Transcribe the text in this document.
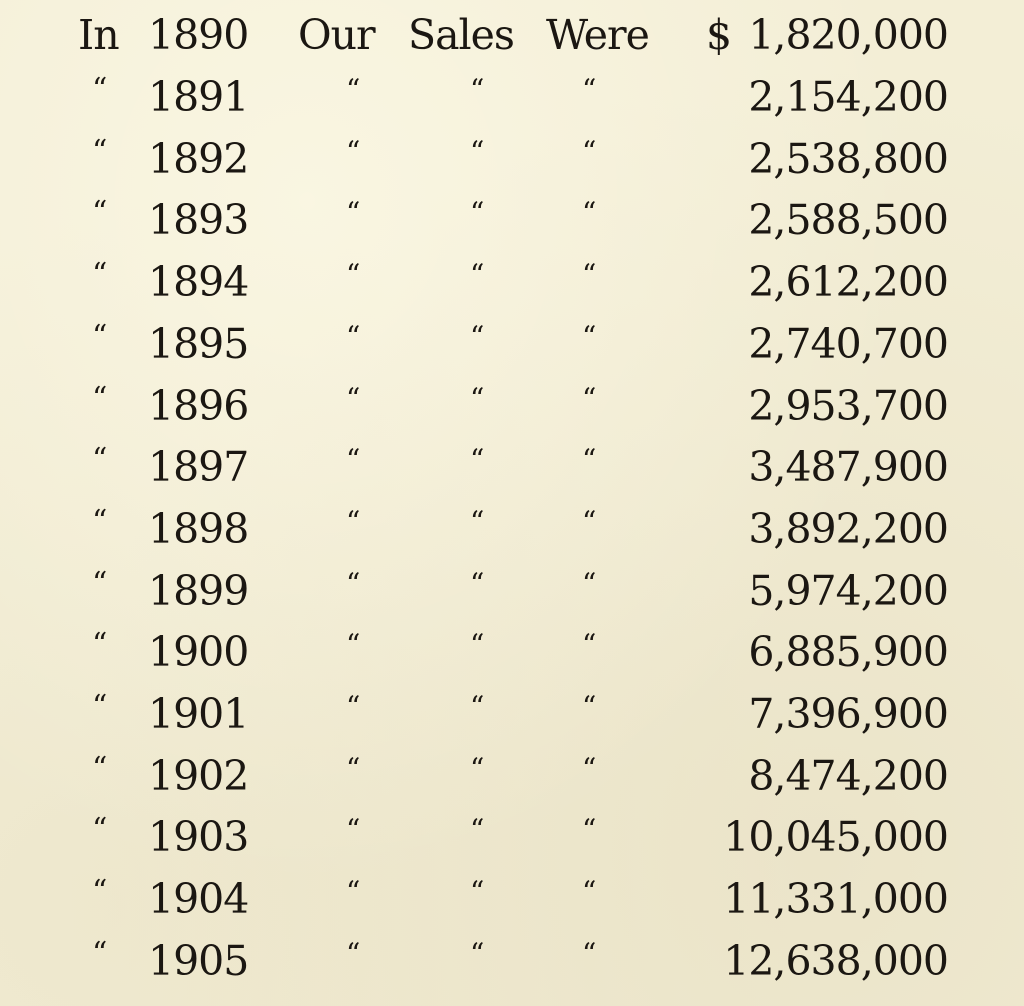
In 1890 Our Sales Were $ 1,820,000
“ 1891	“	“	“	2,154,200
“ 1892	“	“	“	2,538,800
“ 1893	“	“	“	2,588,500
“ 1894	“	“	“	2,612,200
“ 1895	“	“	“	2,740,700
“ 1896	“	“	“	2,953,700
“ 1897	“	“	“	3,487,900
“ 1898	“	“	“	3,892,200
“ 1899	“	“	“	5,974,200
“ 1900	“	“	“	6,885,900
“ 1901	“	“	“	7,396,900
“ 1902	“	“	“	8,474,200
“ 1903	“	“	“	10,045,000
“ 1904	“	“	“	11,331,000
“ 1905	“	“	“	12,638,000
